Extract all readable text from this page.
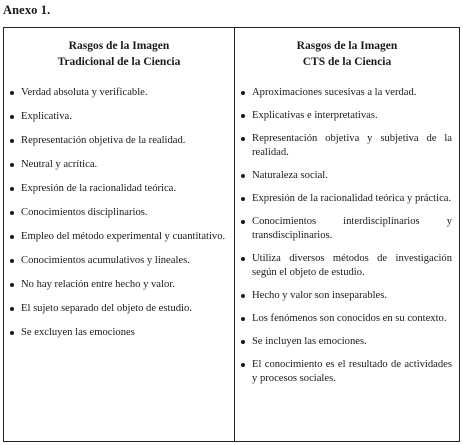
Anexo 1.
Rasgos de la Imagen
Tradicional de la Ciencia
Verdad absoluta y verificable.
Explicativa.
Representación objetiva de la realidad.
Neutral y acrítica.
Expresión de la racionalidad teórica.
Conocimientos disciplinarios.
Empleo del método experimental y cuantitativo.
Conocimientos acumulativos y lineales.
No hay relación entre hecho y valor.
El sujeto separado del objeto de estudio.
Se excluyen las emociones
Rasgos de la Imagen
CTS de la Ciencia
Aproximaciones sucesivas a la verdad.
Explicativas e interpretativas.
Representación objetiva y subjetiva de la realidad.
Naturaleza social.
Expresión de la racionalidad teórica y práctica.
Conocimientos interdisciplinarios y transdisciplinarios.
Utiliza diversos métodos de investigación según el objeto de estudio.
Hecho y valor son inseparables.
Los fenómenos son conocidos en su contexto.
Se incluyen las emociones.
El conocimiento es el resultado de actividades y procesos sociales.
